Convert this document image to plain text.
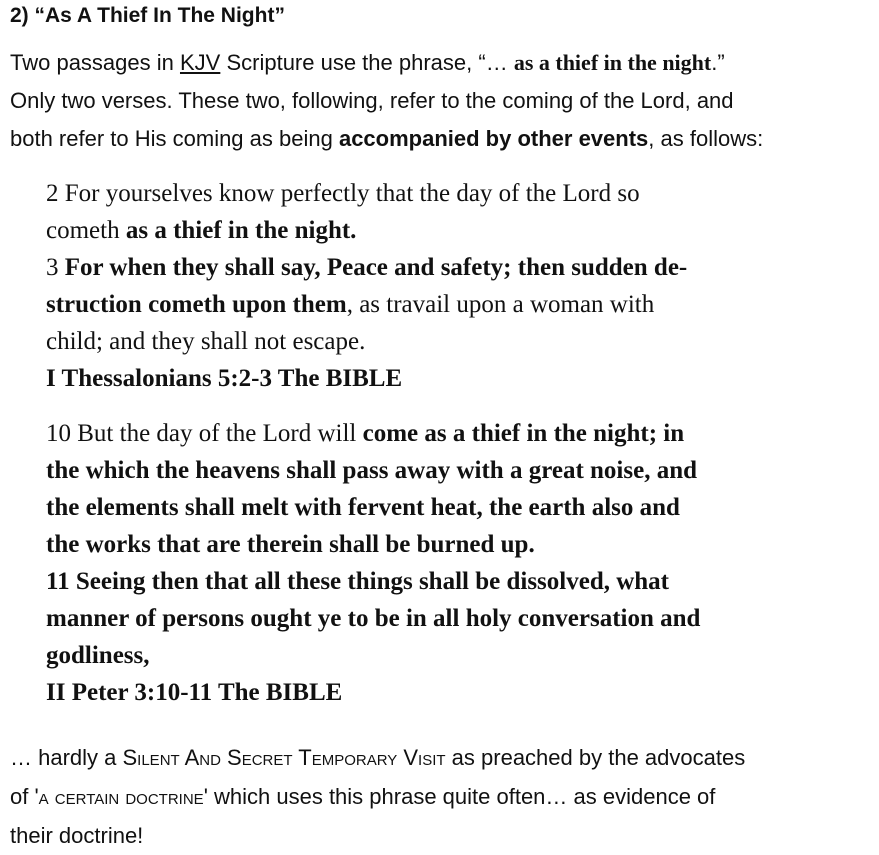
2) “As A Thief In The Night”
Two passages in KJV Scripture use the phrase, “… as a thief in the night.”
Only two verses. These two, following, refer to the coming of the Lord, and
both refer to His coming as being accompanied by other events, as follows:
2 For yourselves know perfectly that the day of the Lord so
cometh as a thief in the night.
3 For when they shall say, Peace and safety; then sudden de-
struction cometh upon them, as travail upon a woman with
child; and they shall not escape.
I Thessalonians 5:2-3 The BIBLE
10 But the day of the Lord will come as a thief in the night; in
the which the heavens shall pass away with a great noise, and
the elements shall melt with fervent heat, the earth also and
the works that are therein shall be burned up.
11 Seeing then that all these things shall be dissolved, what
manner of persons ought ye to be in all holy conversation and
godliness,
II Peter 3:10-11 The BIBLE
… hardly a Silent And Secret Temporary Visit as preached by the advocates
of 'a certain doctrine' which uses this phrase quite often… as evidence of
their doctrine!
